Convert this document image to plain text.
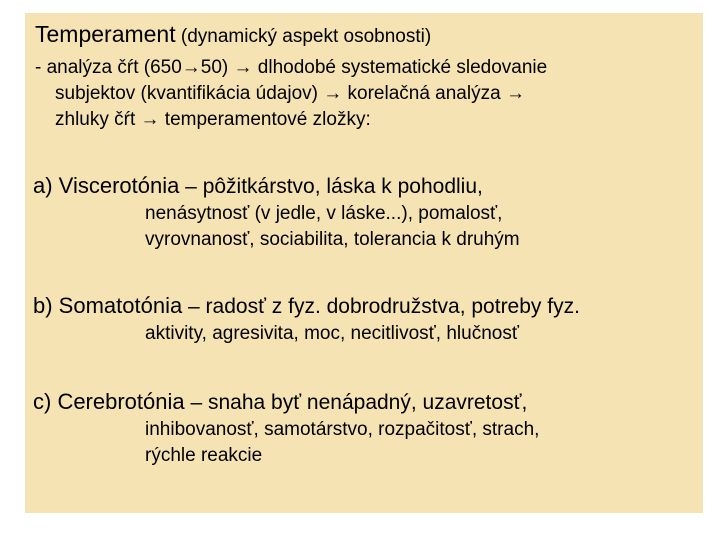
Temperament (dynamický aspekt osobnosti)
- analýza čŕt (650→50) → dlhodobé systematické sledovanie
subjektov (kvantifikácia údajov) → korelačná analýza →
zhluky čŕt → temperamentové zložky:
a) Viscerotónia – pôžitkárstvo, láska k pohodliu,
nenásytnosť (v jedle, v láske...), pomalosť,
vyrovnanosť, sociabilita, tolerancia k druhým
b) Somatotónia – radosť z fyz. dobrodružstva, potreby fyz.
aktivity, agresivita, moc, necitlivosť, hlučnosť
c) Cerebrotónia – snaha byť nenápadný, uzavretosť,
inhibovanosť, samotárstvo, rozpačitosť, strach,
rýchle reakcie
